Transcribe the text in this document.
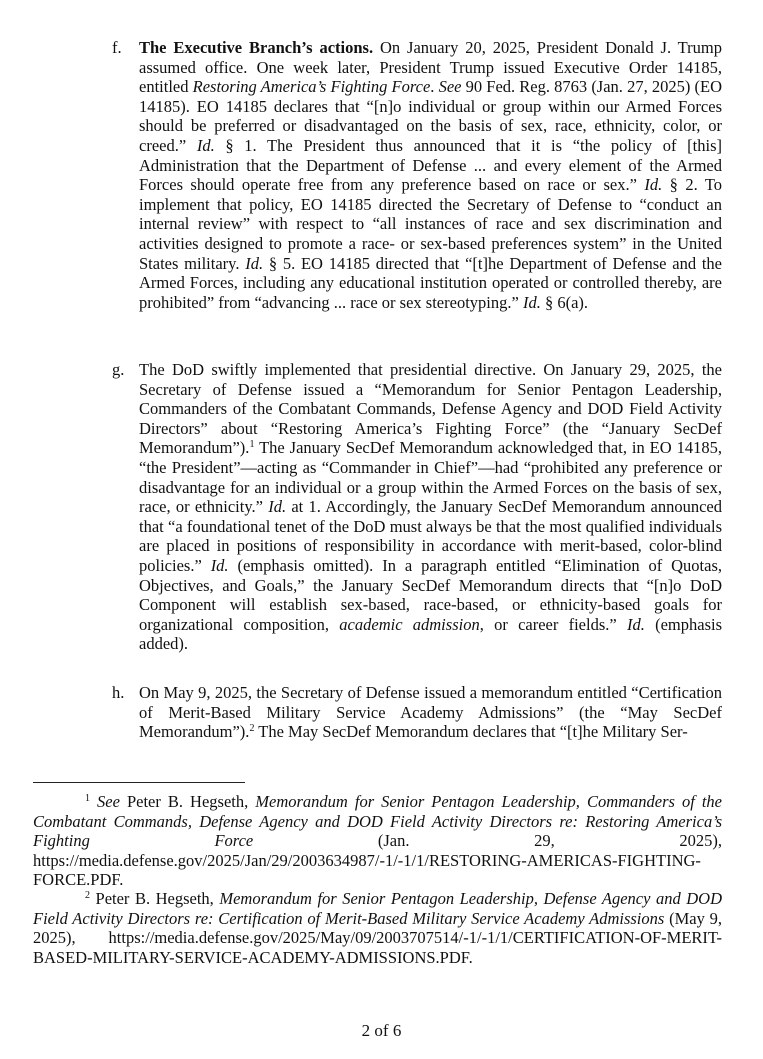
f. The Executive Branch’s actions. On January 20, 2025, President Donald J. Trump assumed office. One week later, President Trump issued Executive Order 14185, entitled Restoring America’s Fighting Force. See 90 Fed. Reg. 8763 (Jan. 27, 2025) (EO 14185). EO 14185 declares that “[n]o individual or group within our Armed Forces should be preferred or disadvantaged on the basis of sex, race, ethnicity, color, or creed.” Id. § 1. The President thus announced that it is “the policy of [this] Administration that the Department of Defense ... and every element of the Armed Forces should operate free from any preference based on race or sex.” Id. § 2. To implement that policy, EO 14185 directed the Secretary of Defense to “conduct an internal review” with respect to “all instances of race and sex discrimination and activities designed to promote a race- or sex-based preferences system” in the United States military. Id. § 5. EO 14185 directed that “[t]he Department of Defense and the Armed Forces, including any educational institution operated or controlled thereby, are prohibited” from “advancing ... race or sex stereotyping.” Id. § 6(a).
g. The DoD swiftly implemented that presidential directive. On January 29, 2025, the Secretary of Defense issued a “Memorandum for Senior Pentagon Leadership, Commanders of the Combatant Commands, Defense Agency and DOD Field Activity Directors” about “Restoring America’s Fighting Force” (the “January SecDef Memorandum”).$^1$ The January SecDef Memorandum acknowledged that, in EO 14185, “the President”—acting as “Commander in Chief”—had “prohibited any preference or disadvantage for an individual or a group within the Armed Forces on the basis of sex, race, or ethnicity.” Id. at 1. Accordingly, the January SecDef Memorandum announced that “a foundational tenet of the DoD must always be that the most qualified individuals are placed in positions of responsibility in accordance with merit-based, color-blind policies.” Id. (emphasis omitted). In a paragraph entitled “Elimination of Quotas, Objectives, and Goals,” the January SecDef Memorandum directs that “[n]o DoD Component will establish sex-based, race-based, or ethnicity-based goals for organizational composition, academic admission, or career fields.” Id. (emphasis added).
h. On May 9, 2025, the Secretary of Defense issued a memorandum entitled “Certification of Merit-Based Military Service Academy Admissions” (the “May SecDef Memorandum”).$^2$ The May SecDef Memorandum declares that “[t]he Military Ser-
$^1$ See Peter B. Hegseth, Memorandum for Senior Pentagon Leadership, Commanders of the Combatant Commands, Defense Agency and DOD Field Activity Directors re: Restoring America’s Fighting Force (Jan. 29, 2025), https://media.defense.gov/2025/Jan/29/2003634987/-1/-1/1/RESTORING-AMERICAS-FIGHTING-FORCE.PDF.
$^2$ Peter B. Hegseth, Memorandum for Senior Pentagon Leadership, Defense Agency and DOD Field Activity Directors re: Certification of Merit-Based Military Service Academy Admissions (May 9, 2025), https://media.defense.gov/2025/May/09/2003707514/-1/-1/1/CERTIFICATION-OF-MERIT-BASED-MILITARY-SERVICE-ACADEMY-ADMISSIONS.PDF.
2 of 6
